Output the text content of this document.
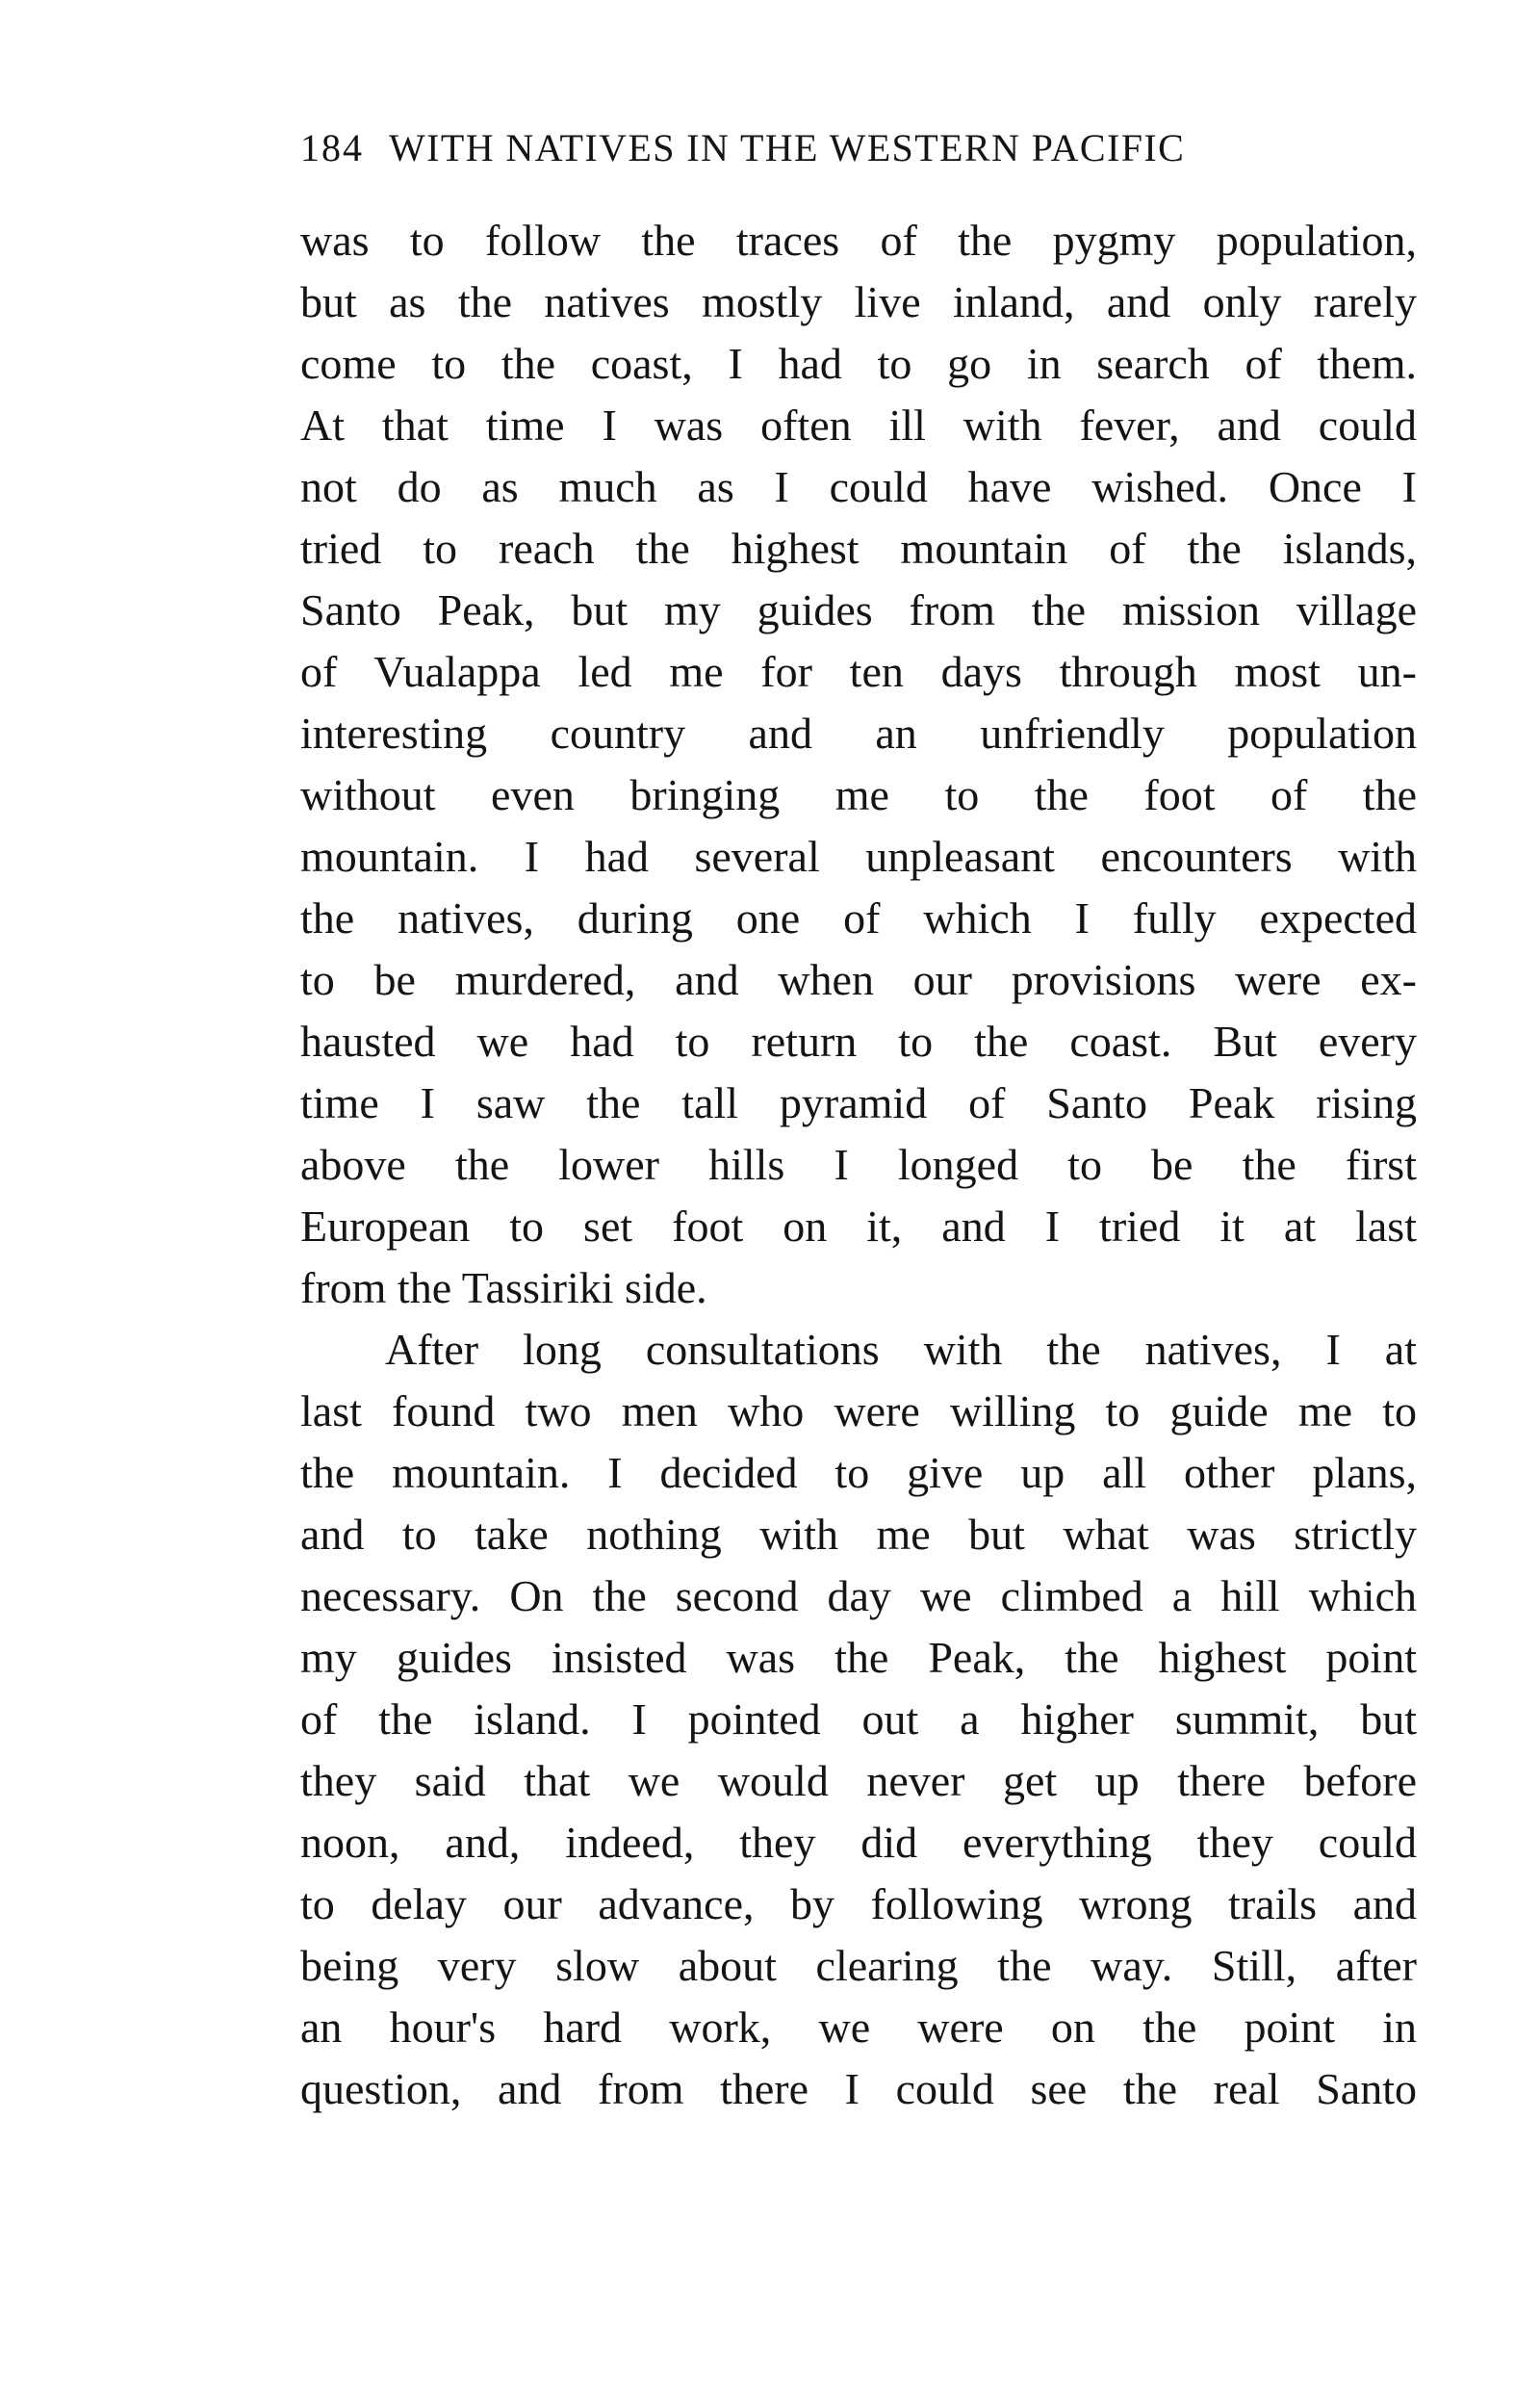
184 WITH NATIVES IN THE WESTERN PACIFIC
was to follow the traces of the pygmy population,
but as the natives mostly live inland, and only rarely
come to the coast, I had to go in search of them.
At that time I was often ill with fever, and could
not do as much as I could have wished. Once I
tried to reach the highest mountain of the islands,
Santo Peak, but my guides from the mission village
of Vualappa led me for ten days through most un-
interesting country and an unfriendly population
without even bringing me to the foot of the
mountain. I had several unpleasant encounters with
the natives, during one of which I fully expected
to be murdered, and when our provisions were ex-
hausted we had to return to the coast. But every
time I saw the tall pyramid of Santo Peak rising
above the lower hills I longed to be the first
European to set foot on it, and I tried it at last
from the Tassiriki side.
After long consultations with the natives, I at
last found two men who were willing to guide me to
the mountain. I decided to give up all other plans,
and to take nothing with me but what was strictly
necessary. On the second day we climbed a hill which
my guides insisted was the Peak, the highest point
of the island. I pointed out a higher summit, but
they said that we would never get up there before
noon, and, indeed, they did everything they could
to delay our advance, by following wrong trails and
being very slow about clearing the way. Still, after
an hour's hard work, we were on the point in
question, and from there I could see the real Santo
